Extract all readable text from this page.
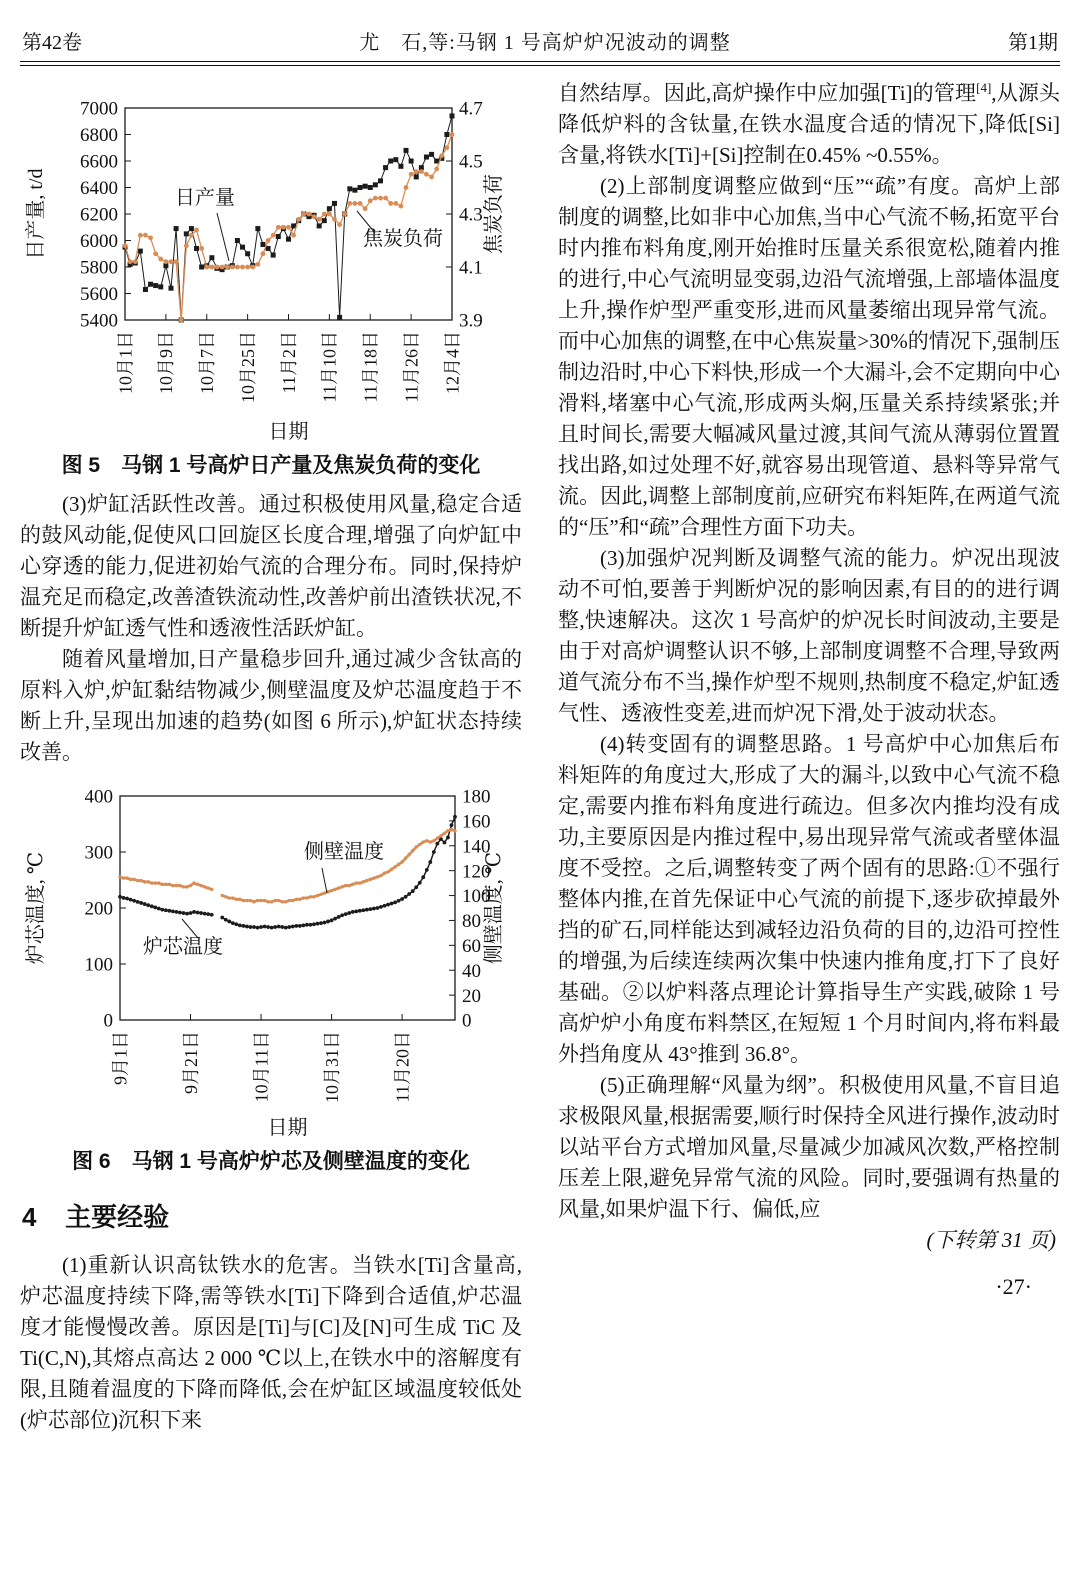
第42卷	尤　石,等:马钢 1 号高炉炉况波动的调整	第1期
5400
5600
5800
6000
6200
6400
6600
6800
7000
3.9
4.1
4.3
4.5
4.7
10月1日 10月9日 10月7日 10月25日 11月2日 11月10日 11月18日 11月26日 12月4日
日期
日产量, t/d	焦炭负荷
日产量
焦炭负荷
图 5　马钢 1 号高炉日产量及焦炭负荷的变化

(3)炉缸活跃性改善。通过积极使用风量,稳定合适的鼓风动能,促使风口回旋区长度合理,增强了向炉缸中心穿透的能力,促进初始气流的合理分布。同时,保持炉温充足而稳定,改善渣铁流动性,改善炉前出渣铁状况,不断提升炉缸透气性和透液性活跃炉缸。

随着风量增加,日产量稳步回升,通过减少含钛高的原料入炉,炉缸黏结物减少,侧壁温度及炉芯温度趋于不断上升,呈现出加速的趋势(如图 6 所示),炉缸状态持续改善。

0
100
200
300
400
0
20
40
60
80
100
120
140
160
180
9月1日	9月21日	10月11日	10月31日	11月20日
日期
炉芯温度, ℃	侧壁温度, ℃
侧壁温度
炉芯温度
图 6　马钢 1 号高炉炉芯及侧壁温度的变化
4 主要经验

(1)重新认识高钛铁水的危害。当铁水[Ti]含量高,炉芯温度持续下降,需等铁水[Ti]下降到合适值,炉芯温度才能慢慢改善。原因是[Ti]与[C]及[N]可生成 TiC 及 Ti(C,N),其熔点高达 2 000 ℃以上,在铁水中的溶解度有限,且随着温度的下降而降低,会在炉缸区域温度较低处(炉芯部位)沉积下来

自然结厚。因此,高炉操作中应加强[Ti]的管理[4],从源头降低炉料的含钛量,在铁水温度合适的情况下,降低[Si]含量,将铁水[Ti]+[Si]控制在0.45% ~0.55%。

(2)上部制度调整应做到“压”“疏”有度。高炉上部制度的调整,比如非中心加焦,当中心气流不畅,拓宽平台时内推布料角度,刚开始推时压量关系很宽松,随着内推的进行,中心气流明显变弱,边沿气流增强,上部墙体温度上升,操作炉型严重变形,进而风量萎缩出现异常气流。而中心加焦的调整,在中心焦炭量>30%的情况下,强制压制边沿时,中心下料快,形成一个大漏斗,会不定期向中心滑料,堵塞中心气流,形成两头焖,压量关系持续紧张;并且时间长,需要大幅减风量过渡,其间气流从薄弱位置置找出路,如过处理不好,就容易出现管道、悬料等异常气流。因此,调整上部制度前,应研究布料矩阵,在两道气流的“压”和“疏”合理性方面下功夫。

(3)加强炉况判断及调整气流的能力。炉况出现波动不可怕,要善于判断炉况的影响因素,有目的的进行调整,快速解决。这次 1 号高炉的炉况长时间波动,主要是由于对高炉调整认识不够,上部制度调整不合理,导致两道气流分布不当,操作炉型不规则,热制度不稳定,炉缸透气性、透液性变差,进而炉况下滑,处于波动状态。

(4)转变固有的调整思路。1 号高炉中心加焦后布料矩阵的角度过大,形成了大的漏斗,以致中心气流不稳定,需要内推布料角度进行疏边。但多次内推均没有成功,主要原因是内推过程中,易出现异常气流或者壁体温度不受控。之后,调整转变了两个固有的思路:①不强行整体内推,在首先保证中心气流的前提下,逐步砍掉最外挡的矿石,同样能达到减轻边沿负荷的目的,边沿可控性的增强,为后续连续两次集中快速内推角度,打下了良好基础。②以炉料落点理论计算指导生产实践,破除 1 号高炉炉小角度布料禁区,在短短 1 个月时间内,将布料最外挡角度从 43°推到 36.8°。

(5)正确理解“风量为纲”。积极使用风量,不盲目追求极限风量,根据需要,顺行时保持全风进行操作,波动时以站平台方式增加风量,尽量减少加减风次数,严格控制压差上限,避免异常气流的风险。同时,要强调有热量的风量,如果炉温下行、偏低,应

(下转第 31 页)
·27·
